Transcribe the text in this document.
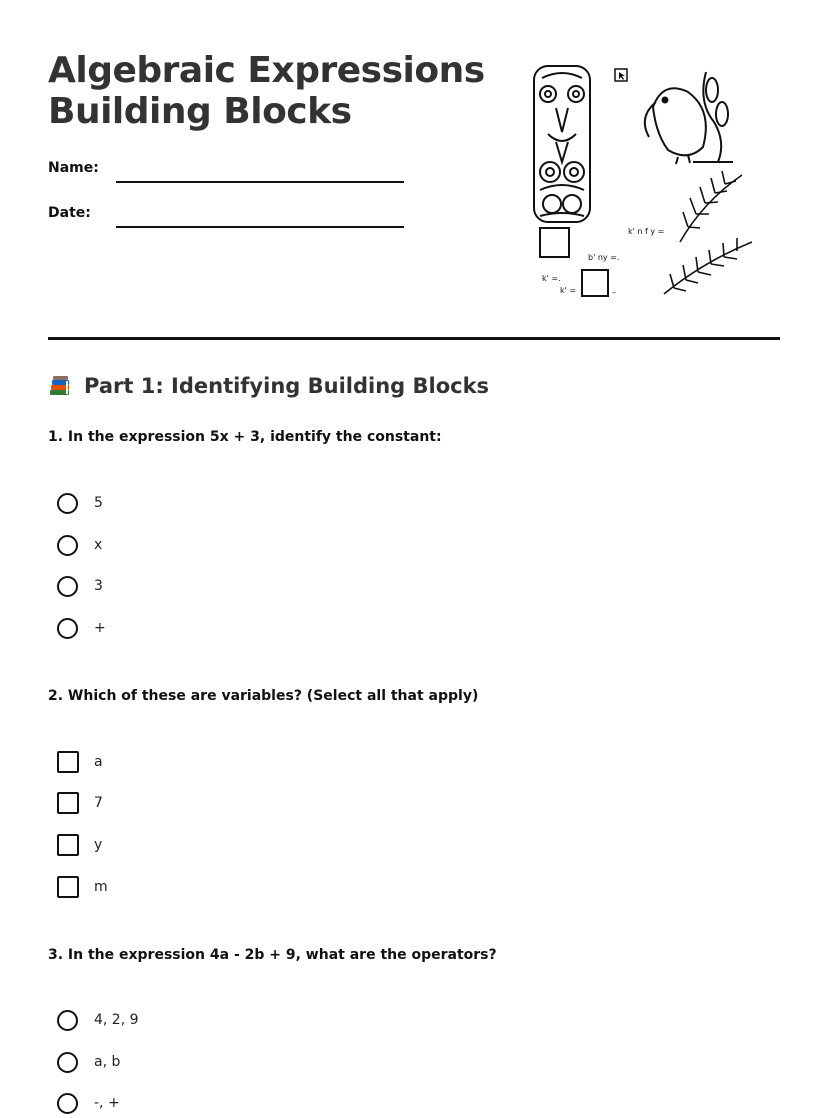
Algebraic Expressions
Building Blocks
Name:
Date:
k' n f y =
b' ny =.
k' =.
k' =	–
Part 1: Identifying Building Blocks

1. In the expression 5x + 3, identify the constant:

5
x
3
+

2. Which of these are variables? (Select all that apply)

a
7
y
m

3. In the expression 4a - 2b + 9, what are the operators?

4, 2, 9
a, b
-, +
